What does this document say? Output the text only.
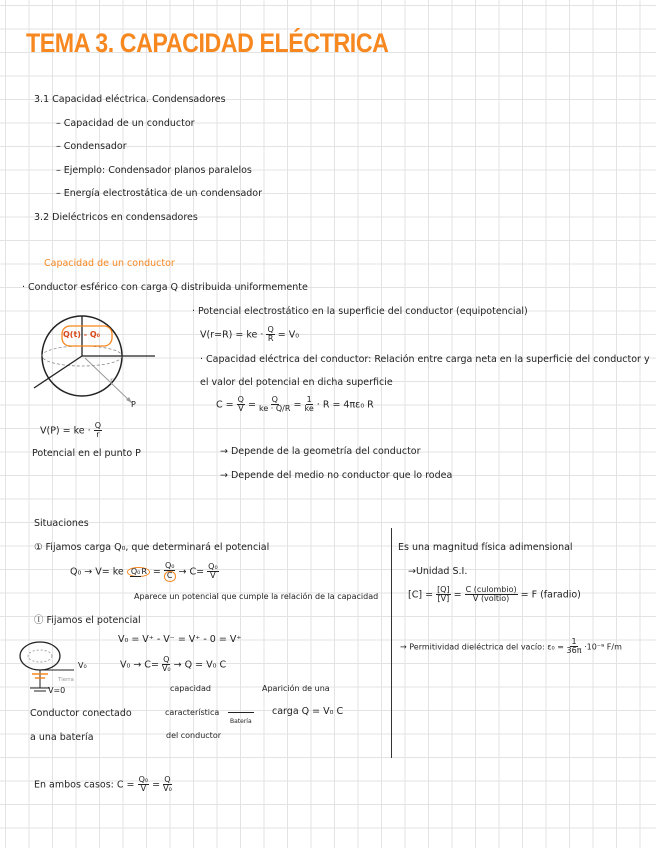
TEMA 3. CAPACIDAD ELÉCTRICA
3.1 Capacidad eléctrica. Condensadores
– Capacidad de un conductor
– Condensador
– Ejemplo: Condensador planos paralelos
– Energía electrostática de un condensador
3.2 Dieléctricos en condensadores
Capacidad de un conductor
· Conductor esférico con carga Q distribuida uniformemente
· Potencial electrostático en la superficie del conductor (equipotencial)
V(r=R) = ke · $\frac{Q}{R} = V_0$
· Capacidad eléctrica del conductor: Relación entre carga neta en la superficie del conductor y
el valor del potencial en dicha superficie
$C = \frac{Q}{V} = \frac{Q}{ke \cdot Q/R} = \frac{1}{ke} \cdot R = 4\pi\varepsilon_0$ R
→ Depende de la geometría del conductor
→ Depende del medio no conductor que lo rodea
Q(t) - Q₀
P
r
V(P) = ke · $\frac{Q}{r}$
Potencial en el punto P
Situaciones
① Fijamos carga Q₀, que determinará el potencial
Q₀ → V= ke $Q_0R = \frac{\text{Q₀}}{C} \to C= \frac{\text{Q₀}}{V}$
Aparece un potencial que cumple la relación de la capacidad
Ⓘ Fijamos el potencial
V₀ = V⁺ - V⁻ = V⁺ - 0 = V⁺
$V_0 \to C= \frac{Q}{\text{V₀}} \to Q = V_0$ C
capacidad
característica
del conductor
Batería
Aparición de una
carga Q = V₀ C
V₀
V=0
Tierra
Conductor conectado
a una batería
En ambos casos: $C = \frac{\text{Q₀}}{V} = \frac{Q}{\text{V₀}}$
Es una magnitud física adimensional
→Unidad S.I.
$[C] = \frac{[Q]}{[V]} = \frac{\text{C (culombio)}}{\text{V (voltio)}} = F$ (faradio)
→ Permitividad dieléctrica del vacío: $\varepsilon_0 = \frac{1}{36\pi} \cdot 10^{-9}$ F/m
